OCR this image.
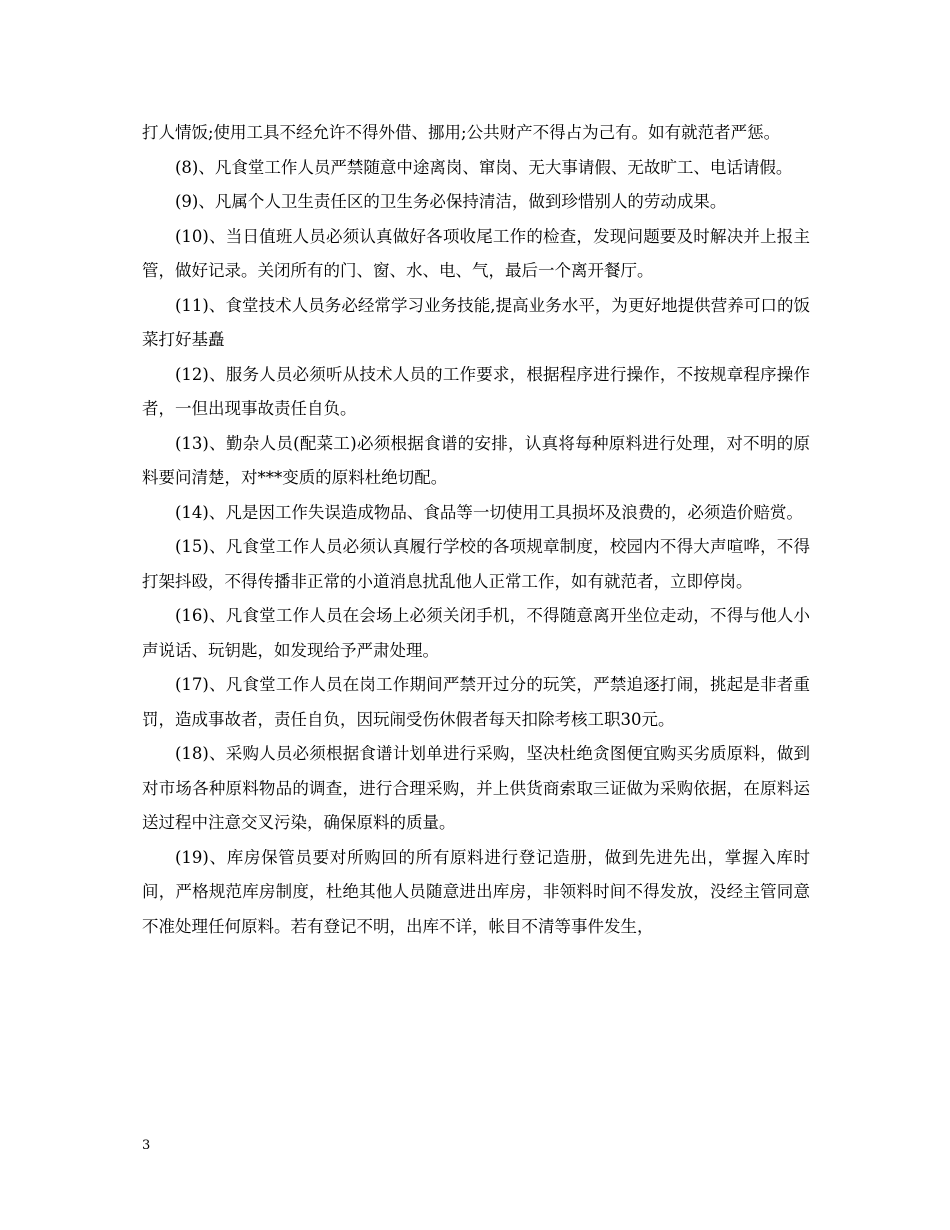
打人情饭;使用工具不经允许不得外借、挪用;公共财产不得占为己有。如有就范者严惩。

(8)、凡食堂工作人员严禁随意中途离岗、窜岗、无大事请假、无故旷工、电话请假。

(9)、凡属个人卫生责任区的卫生务必保持清洁，做到珍惜别人的劳动成果。

(10)、当日值班人员必须认真做好各项收尾工作的检查，发现问题要及时解决并上报主管，做好记录。关闭所有的门、窗、水、电、气，最后一个离开餐厅。

(11)、食堂技术人员务必经常学习业务技能,提高业务水平，为更好地提供营养可口的饭菜打好基矗

(12)、服务人员必须听从技术人员的工作要求，根据程序进行操作，不按规章程序操作者，一但出现事故责任自负。

(13)、勤杂人员(配菜工)必须根据食谱的安排，认真将每种原料进行处理，对不明的原料要问清楚，对***变质的原料杜绝切配。

(14)、凡是因工作失误造成物品、食品等一切使用工具损坏及浪费的，必须造价赔赏。

(15)、凡食堂工作人员必须认真履行学校的各项规章制度，校园内不得大声喧哗，不得打架抖殴，不得传播非正常的小道消息扰乱他人正常工作，如有就范者，立即停岗。

(16)、凡食堂工作人员在会场上必须关闭手机，不得随意离开坐位走动，不得与他人小声说话、玩钥匙，如发现给予严肃处理。

(17)、凡食堂工作人员在岗工作期间严禁开过分的玩笑，严禁追逐打闹，挑起是非者重罚，造成事故者，责任自负，因玩闹受伤休假者每天扣除考核工职30元。

(18)、采购人员必须根据食谱计划单进行采购，坚决杜绝贪图便宜购买劣质原料，做到对市场各种原料物品的调查，进行合理采购，并上供货商索取三证做为采购依据，在原料运送过程中注意交叉污染，确保原料的质量。

(19)、库房保管员要对所购回的所有原料进行登记造册，做到先进先出，掌握入库时间，严格规范库房制度，杜绝其他人员随意进出库房，非领料时间不得发放，没经主管同意不准处理任何原料。若有登记不明，出库不详，帐目不清等事件发生，

3
